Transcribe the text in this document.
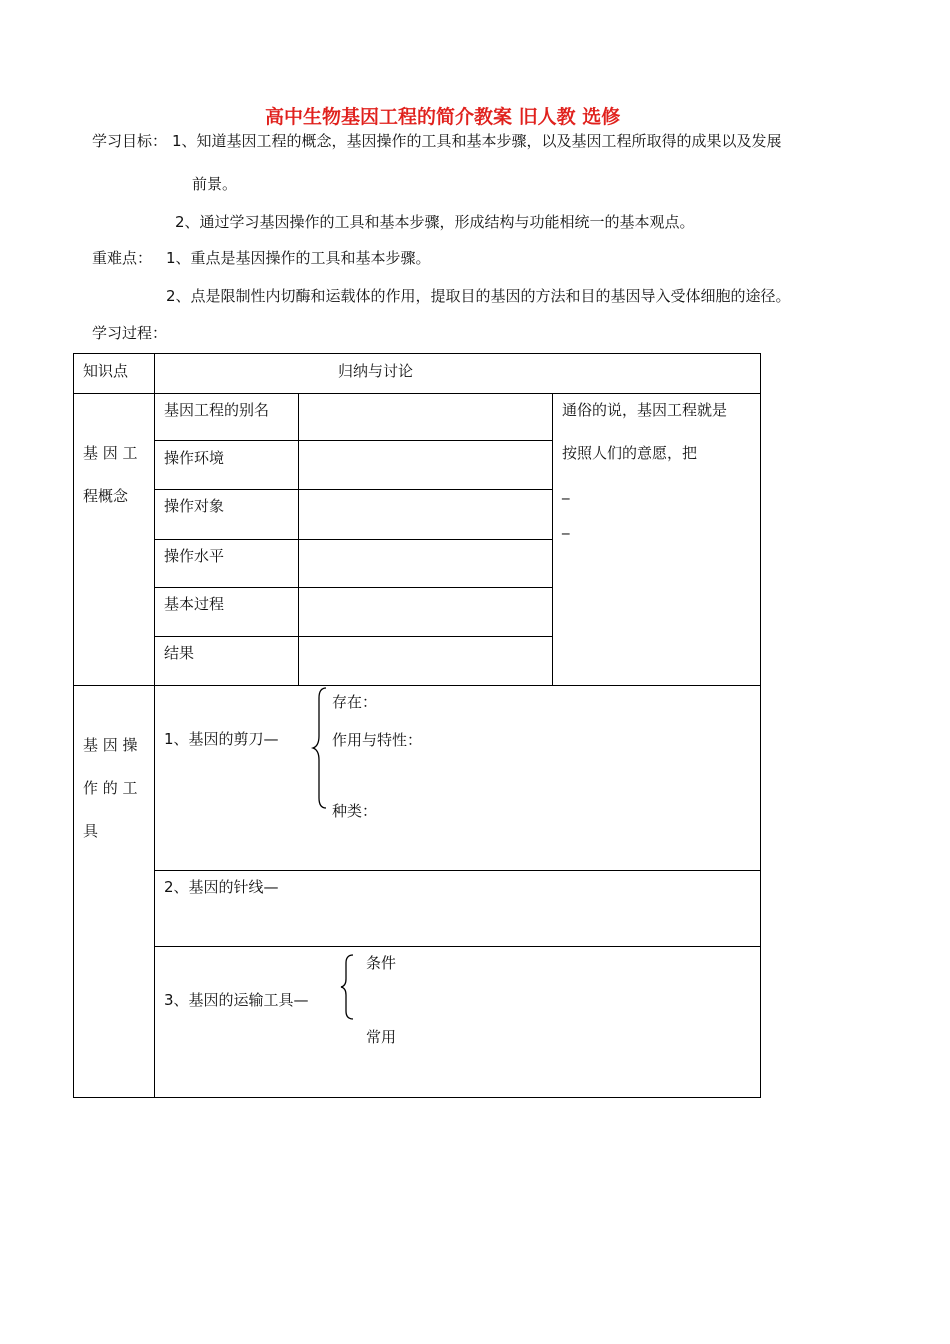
高中生物基因工程的简介教案 旧人教 选修
学习目标： 1、知道基因工程的概念，基因操作的工具和基本步骤，以及基因工程所取得的成果以及发展
前景。
2、通过学习基因操作的工具和基本步骤，形成结构与功能相统一的基本观点。
重难点： 1、重点是基因操作的工具和基本步骤。
2、点是限制性内切酶和运载体的作用，提取目的基因的方法和目的基因导入受体细胞的途径。
学习过程：
知识点	归纳与讨论
基 因 工
程概念
基因工程的别名
操作环境
操作对象
操作水平
基本过程
结果
通俗的说，基因工程就是
按照人们的意愿，把
_
_
基 因 操
作 的 工
具
1、基因的剪刀—
存在：
作用与特性：
种类：
2、基因的针线—
3、基因的运输工具—
条件
常用
